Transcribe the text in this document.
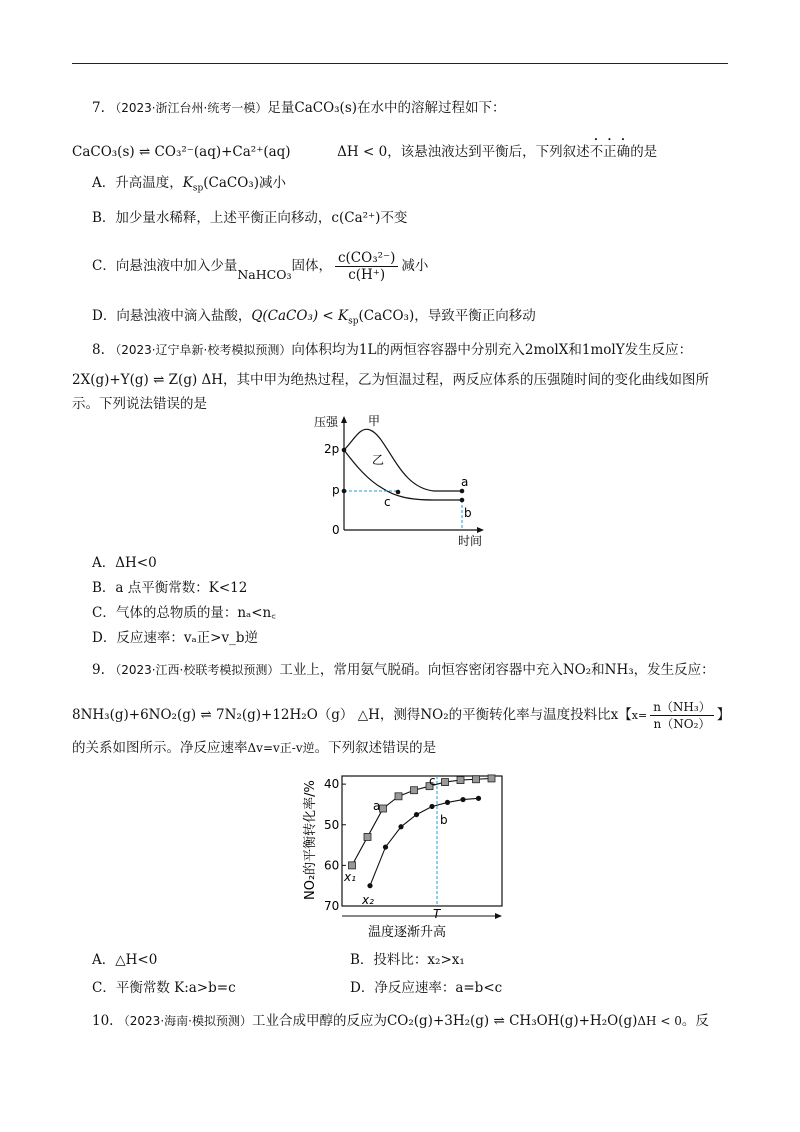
7. （2023·浙江台州·统考一模）足量CaCO₃(s)在水中的溶解过程如下：
CaCO₃(s) ⇌ CO₃²⁻(aq)+Ca²⁺(aq)	ΔH < 0，该悬浊液达到平衡后，下列叙述不正确的是
A．升高温度，$K_{sp}(CaCO_3)$减小
B．加少量水稀释，上述平衡正向移动，c(Ca²⁺)不变
C．向悬浊液中加入少量NaHCO₃固体， $\frac{\text{c(CO₃²⁻)}}{c(H^+)}$ 减小
D．向悬浊液中滴入盐酸，Q(CaCO₃) < $K_{sp}(CaCO_3)$，导致平衡正向移动
8. （2023·辽宁阜新·校考模拟预测）向体积均为1L的两恒容容器中分别充入2molX和1molY发生反应：
2X(g)+Y(g) ⇌ Z(g) ΔH，其中甲为绝热过程，乙为恒温过程，两反应体系的压强随时间的变化曲线如图所
示。下列说法错误的是
压强
时间
2p
p
0
甲
乙
c
a
b
A．ΔH<0
B．a 点平衡常数：K<12
C．气体的总物质的量：nₐ<n꜀
D．反应速率：vₐ正>v_b逆
9. （2023·江西·校联考模拟预测）工业上，常用氨气脱硝。向恒容密闭容器中充入NO₂和NH₃，发生反应：
8NH₃(g)+6NO₂(g) ⇌ 7N₂(g)+12H₂O（g） △H，测得NO₂的平衡转化率与温度投料比x【$x= \frac{\text{n（NH₃）}}{\text{n（NO₂）}}$ 】
的关系如图所示。净反应速率Δv=v正-v逆。下列叙述错误的是
40
50
60
70
NO₂的平衡转化率/%
温度逐渐升高
T
a
b
c
x₁
x₂
A．△H<0	B．投料比：x₂>x₁
C．平衡常数 K:a>b=c	D．净反应速率：a=b<c
10. （2023·海南·模拟预测）工业合成甲醇的反应为CO₂(g)+3H₂(g) ⇌ CH₃OH(g)+H₂O(g)ΔH < 0。反
